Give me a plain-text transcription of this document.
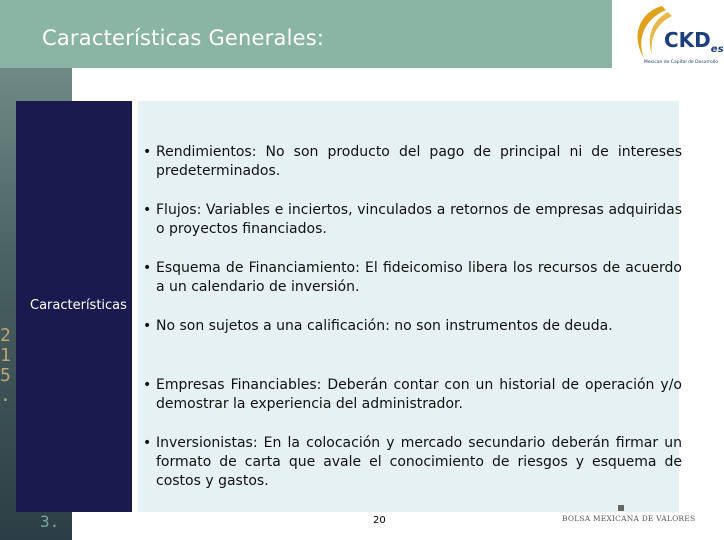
Características Generales:	$CKD_{es}$
Mexican de Capital de Desarrollo
2
1
5
.
3.
Características
• Rendimientos: No son producto del pago de principal ni de intereses predeterminados.
• Flujos: Variables e inciertos, vinculados a retornos de empresas adquiridas o proyectos financiados.
• Esquema de Financiamiento: El fideicomiso libera los recursos de acuerdo a un calendario de inversión.
• No son sujetos a una calificación: no son instrumentos de deuda.
• Empresas Financiables: Deberán contar con un historial de operación y/o demostrar la experiencia del administrador.
• Inversionistas: En la colocación y mercado secundario deberán firmar un formato de carta que avale el conocimiento de riesgos y esquema de costos y gastos.
20	BOLSA MEXICANA DE VALORES
